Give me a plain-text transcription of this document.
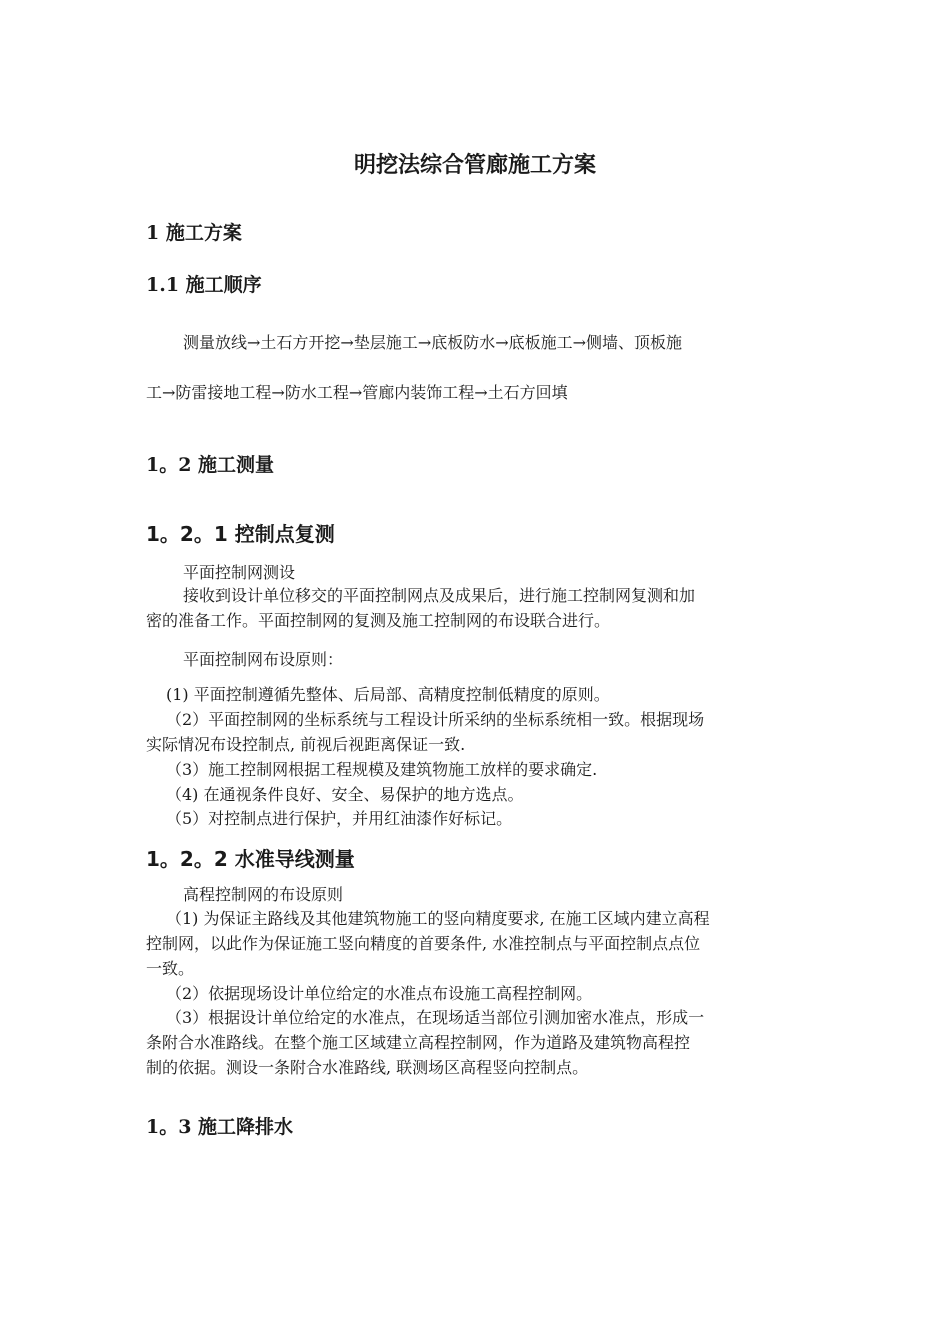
明挖法综合管廊施工方案
1 施工方案
1.1 施工顺序
测量放线→土石方开挖→垫层施工→底板防水→底板施工→侧墙、顶板施
工→防雷接地工程→防水工程→管廊内装饰工程→土石方回填
1。2 施工测量
1。2。1 控制点复测
平面控制网测设
接收到设计单位移交的平面控制网点及成果后，进行施工控制网复测和加
密的准备工作。平面控制网的复测及施工控制网的布设联合进行。
平面控制网布设原则：
(1) 平面控制遵循先整体、后局部、高精度控制低精度的原则。
（2）平面控制网的坐标系统与工程设计所采纳的坐标系统相一致。根据现场
实际情况布设控制点, 前视后视距离保证一致.
（3）施工控制网根据工程规模及建筑物施工放样的要求确定.
（4) 在通视条件良好、安全、易保护的地方选点。
（5）对控制点进行保护，并用红油漆作好标记。
1。2。2 水准导线测量
高程控制网的布设原则
（1) 为保证主路线及其他建筑物施工的竖向精度要求, 在施工区域内建立高程
控制网，以此作为保证施工竖向精度的首要条件, 水准控制点与平面控制点点位
一致。
（2）依据现场设计单位给定的水准点布设施工高程控制网。
（3）根据设计单位给定的水准点，在现场适当部位引测加密水准点，形成一
条附合水准路线。在整个施工区域建立高程控制网，作为道路及建筑物高程控
制的依据。测设一条附合水准路线, 联测场区高程竖向控制点。
1。3 施工降排水
